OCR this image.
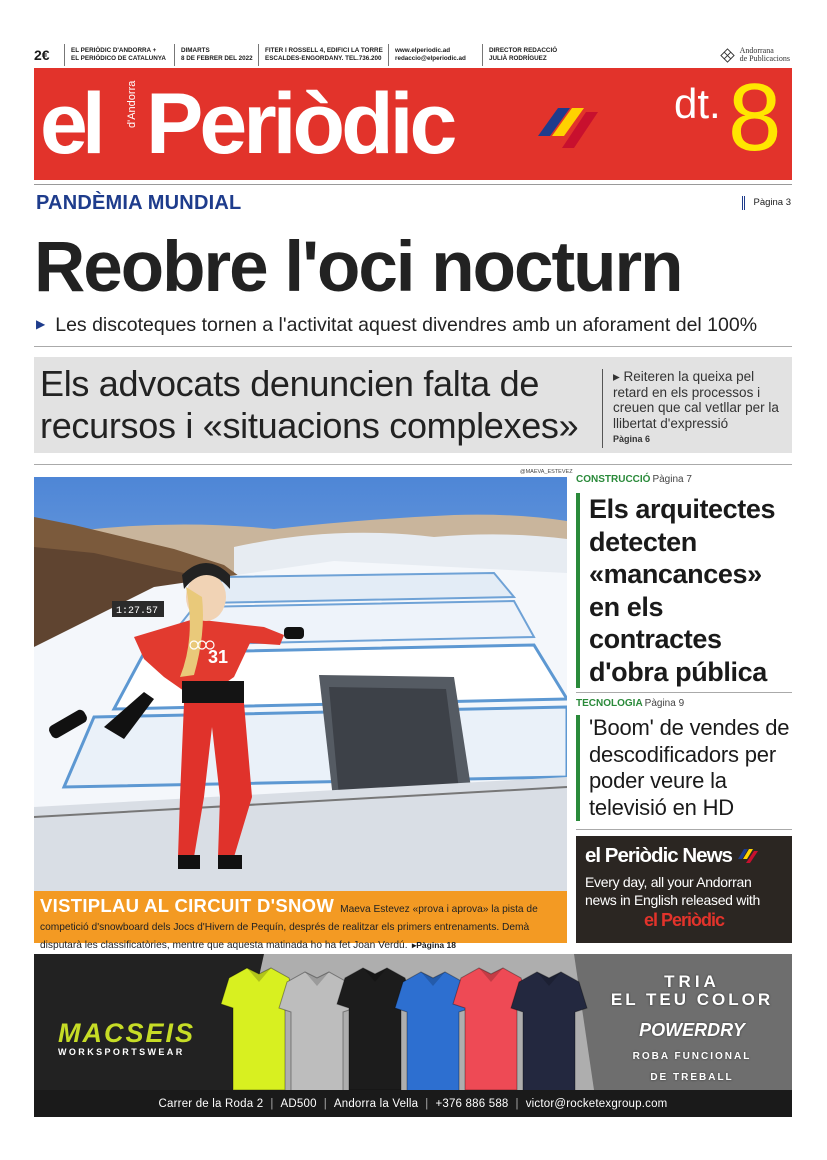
2€	EL PERIÒDIC D'ANDORRA +
EL PERIÓDICO DE CATALUNYA
DIMARTS
8 DE FEBRER DEL 2022
FITER I ROSSELL 4, EDIFICI LA TORRE
ESCALDES-ENGORDANY. TEL.736.200
www.elperiodic.ad
redaccio@elperiodic.ad
DIRECTOR REDACCIÓ
JULIÀ RODRÍGUEZ
Andorrana
de Publicacions
el d'Andorra Periòdic	dt. 8
PANDÈMIA MUNDIAL	Pàgina 3
Reobre l'oci nocturn
▶ Les discoteques tornen a l'activitat aquest divendres amb un aforament del 100%
Els advocats denuncien falta de recursos i «situacions complexes»
▸ Reiteren la queixa pel retard en els processos i creuen que cal vetllar per la llibertat d'expressió
Pàgina 6
@MAEVA_ESTEVEZ
1:27.57
31
VISTIPLAU AL CIRCUIT D'SNOW Maeva Estevez «prova i aprova» la pista de competició d'snowboard dels Jocs d'Hivern de Pequín, després de realitzar els primers entrenaments. Demà disputarà les classificatòries, mentre que aquesta matinada ho ha fet Joan Verdú. ▸Pàgina 18
CONSTRUCCIÓ Pàgina 7
Els arquitectes detecten «mancances» en els contractes d'obra pública
TECNOLOGIA Pàgina 9
'Boom' de vendes de descodificadors per poder veure la televisió en HD
el Periòdic News
Every day, all your Andorran news in English released with
el Periòdic
MACSEIS
WORKSPORTSWEAR
TRIA
EL TEU COLOR
POWERDRY
ROBA FUNCIONAL
DE TREBALL
Carrer de la Roda 2 | AD500 | Andorra la Vella | +376 886 588 | victor@rocketexgroup.com
